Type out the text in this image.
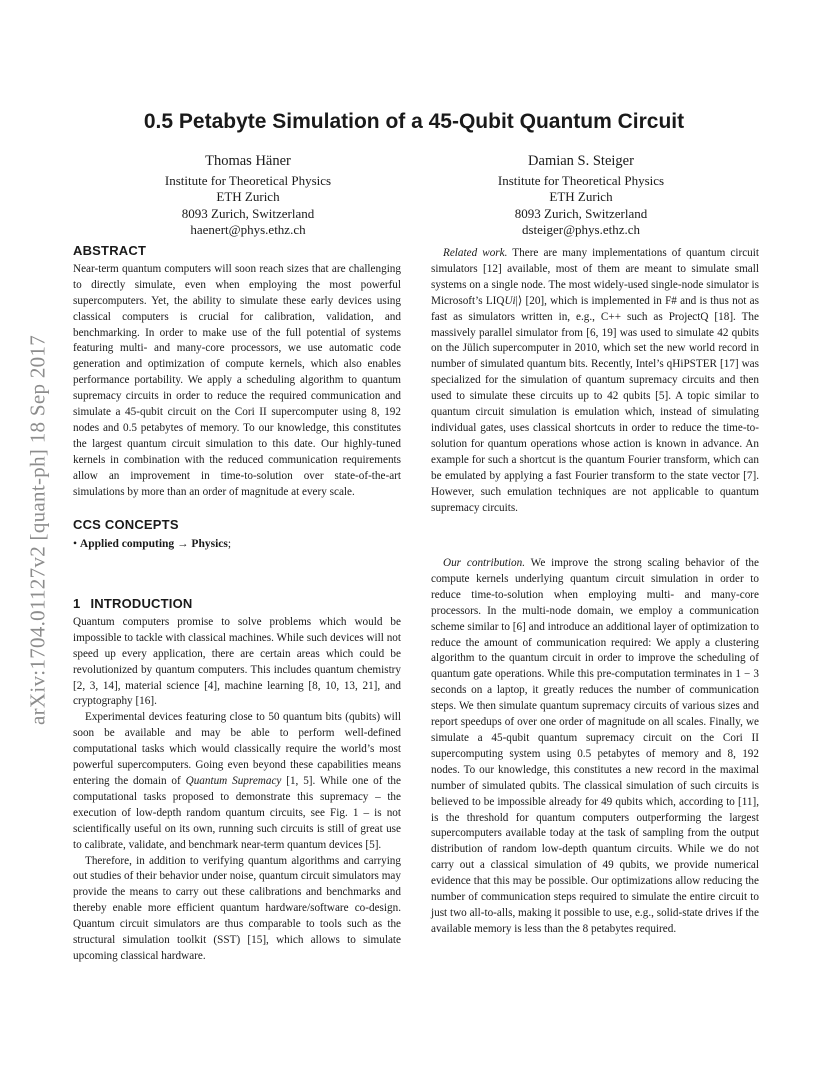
arXiv:1704.01127v2 [quant-ph] 18 Sep 2017
0.5 Petabyte Simulation of a 45-Qubit Quantum Circuit
Thomas Häner
Institute for Theoretical Physics
ETH Zurich
8093 Zurich, Switzerland
haenert@phys.ethz.ch
Damian S. Steiger
Institute for Theoretical Physics
ETH Zurich
8093 Zurich, Switzerland
dsteiger@phys.ethz.ch
ABSTRACT

Near-term quantum computers will soon reach sizes that are challenging to directly simulate, even when employing the most powerful supercomputers. Yet, the ability to simulate these early devices using classical computers is crucial for calibration, validation, and benchmarking. In order to make use of the full potential of systems featuring multi- and many-core processors, we use automatic code generation and optimization of compute kernels, which also enables performance portability. We apply a scheduling algorithm to quantum supremacy circuits in order to reduce the required communication and simulate a 45-qubit circuit on the Cori II supercomputer using 8, 192 nodes and 0.5 petabytes of memory. To our knowledge, this constitutes the largest quantum circuit simulation to this date. Our highly-tuned kernels in combination with the reduced communication requirements allow an improvement in time-to-solution over state-of-the-art simulations by more than an order of magnitude at every scale.

CCS CONCEPTS
• Applied computing → Physics;
1 INTRODUCTION

Quantum computers promise to solve problems which would be impossible to tackle with classical machines. While such devices will not speed up every application, there are certain areas which could be revolutionized by quantum computers. This includes quantum chemistry [2, 3, 14], material science [4], machine learning [8, 10, 13, 21], and cryptography [16].

Experimental devices featuring close to 50 quantum bits (qubits) will soon be available and may be able to perform well-defined computational tasks which would classically require the world’s most powerful supercomputers. Going even beyond these capabilities means entering the domain of Quantum Supremacy [1, 5]. While one of the computational tasks proposed to demonstrate this supremacy – the execution of low-depth random quantum circuits, see Fig. 1 – is not scientifically useful on its own, running such circuits is still of great use to calibrate, validate, and benchmark near-term quantum devices [5].

Therefore, in addition to verifying quantum algorithms and carrying out studies of their behavior under noise, quantum circuit simulators may provide the means to carry out these calibrations and benchmarks and thereby enable more efficient quantum hardware/software co-design. Quantum circuit simulators are thus comparable to tools such as the structural simulation toolkit (SST) [15], which allows to simulate upcoming classical hardware.

Related work. There are many implementations of quantum circuit simulators [12] available, most of them are meant to simulate small systems on a single node. The most widely-used single-node simulator is Microsoft’s LIQUi|⟩ [20], which is implemented in F# and is thus not as fast as simulators written in, e.g., C++ such as ProjectQ [18]. The massively parallel simulator from [6, 19] was used to simulate 42 qubits on the Jülich supercomputer in 2010, which set the new world record in number of simulated quantum bits. Recently, Intel’s qHiPSTER [17] was specialized for the simulation of quantum supremacy circuits and then used to simulate these circuits up to 42 qubits [5]. A topic similar to quantum circuit simulation is emulation which, instead of simulating individual gates, uses classical shortcuts in order to reduce the time-to-solution for quantum operations whose action is known in advance. An example for such a shortcut is the quantum Fourier transform, which can be emulated by applying a fast Fourier transform to the state vector [7]. However, such emulation techniques are not applicable to quantum supremacy circuits.

Our contribution. We improve the strong scaling behavior of the compute kernels underlying quantum circuit simulation in order to reduce time-to-solution when employing multi- and many-core processors. In the multi-node domain, we employ a communication scheme similar to [6] and introduce an additional layer of optimization to reduce the amount of communication required: We apply a clustering algorithm to the quantum circuit in order to improve the scheduling of quantum gate operations. While this pre-computation terminates in 1 − 3 seconds on a laptop, it greatly reduces the number of communication steps. We then simulate quantum supremacy circuits of various sizes and report speedups of over one order of magnitude on all scales. Finally, we simulate a 45-qubit quantum supremacy circuit on the Cori II supercomputing system using 0.5 petabytes of memory and 8, 192 nodes. To our knowledge, this constitutes a new record in the maximal number of simulated qubits. The classical simulation of such circuits is believed to be impossible already for 49 qubits which, according to [11], is the threshold for quantum computers outperforming the largest supercomputers available today at the task of sampling from the output distribution of random low-depth quantum circuits. While we do not carry out a classical simulation of 49 qubits, we provide numerical evidence that this may be possible. Our optimizations allow reducing the number of communication steps required to simulate the entire circuit to just two all-to-alls, making it possible to use, e.g., solid-state drives if the available memory is less than the 8 petabytes required.
